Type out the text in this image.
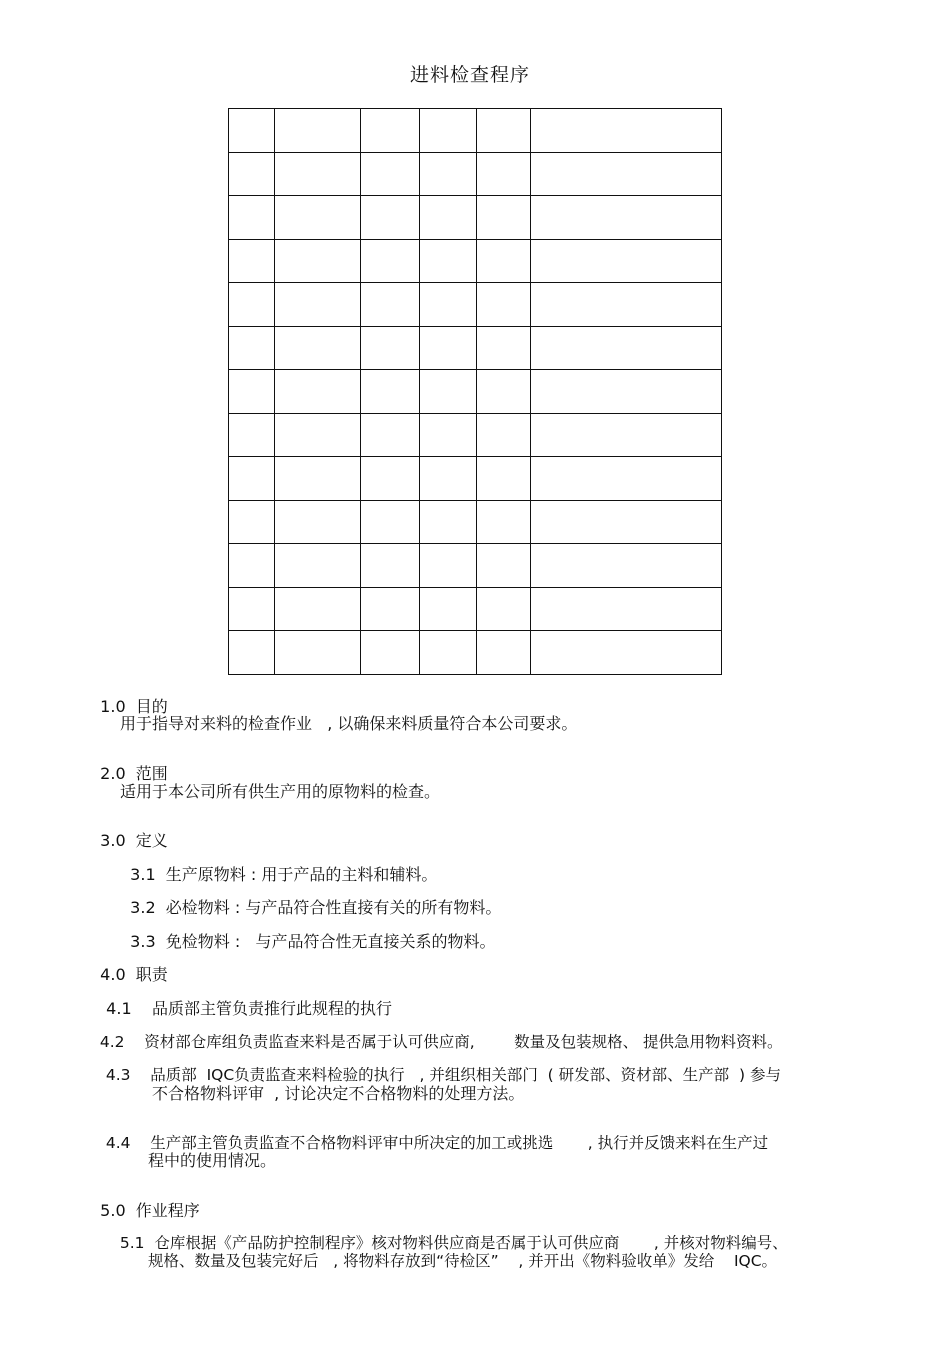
进料检查程序

1.0 目的

用于指导对来料的检查作业   , 以确保来料质量符合本公司要求。

2.0 范围

适用于本公司所有供生产用的原物料的检查。

3.0 定义

3.1 生产原物料 : 用于产品的主料和辅料。

3.2 必检物料 : 与产品符合性直接有关的所有物料。

3.3 免检物料 :   与产品符合性无直接关系的物料。

4.0 职责

4.1 品质部主管负责推行此规程的执行

4.2 资材部仓库组负责监查来料是否属于认可供应商,        数量及包装规格、 提供急用物料资料。

4.3 品质部  IQC负责监查来料检验的执行   , 并组织相关部门  ( 研发部、资材部、生产部  ) 参与

不合格物料评审  , 讨论决定不合格物料的处理方法。

4.4 生产部主管负责监查不合格物料评审中所决定的加工或挑选       , 执行并反馈来料在生产过

程中的使用情况。

5.0 作业程序

5.1 仓库根据《产品防护控制程序》核对物料供应商是否属于认可供应商       , 并核对物料编号、

规格、数量及包装完好后   , 将物料存放到“待检区”    , 并开出《物料验收单》发给    IQC。
